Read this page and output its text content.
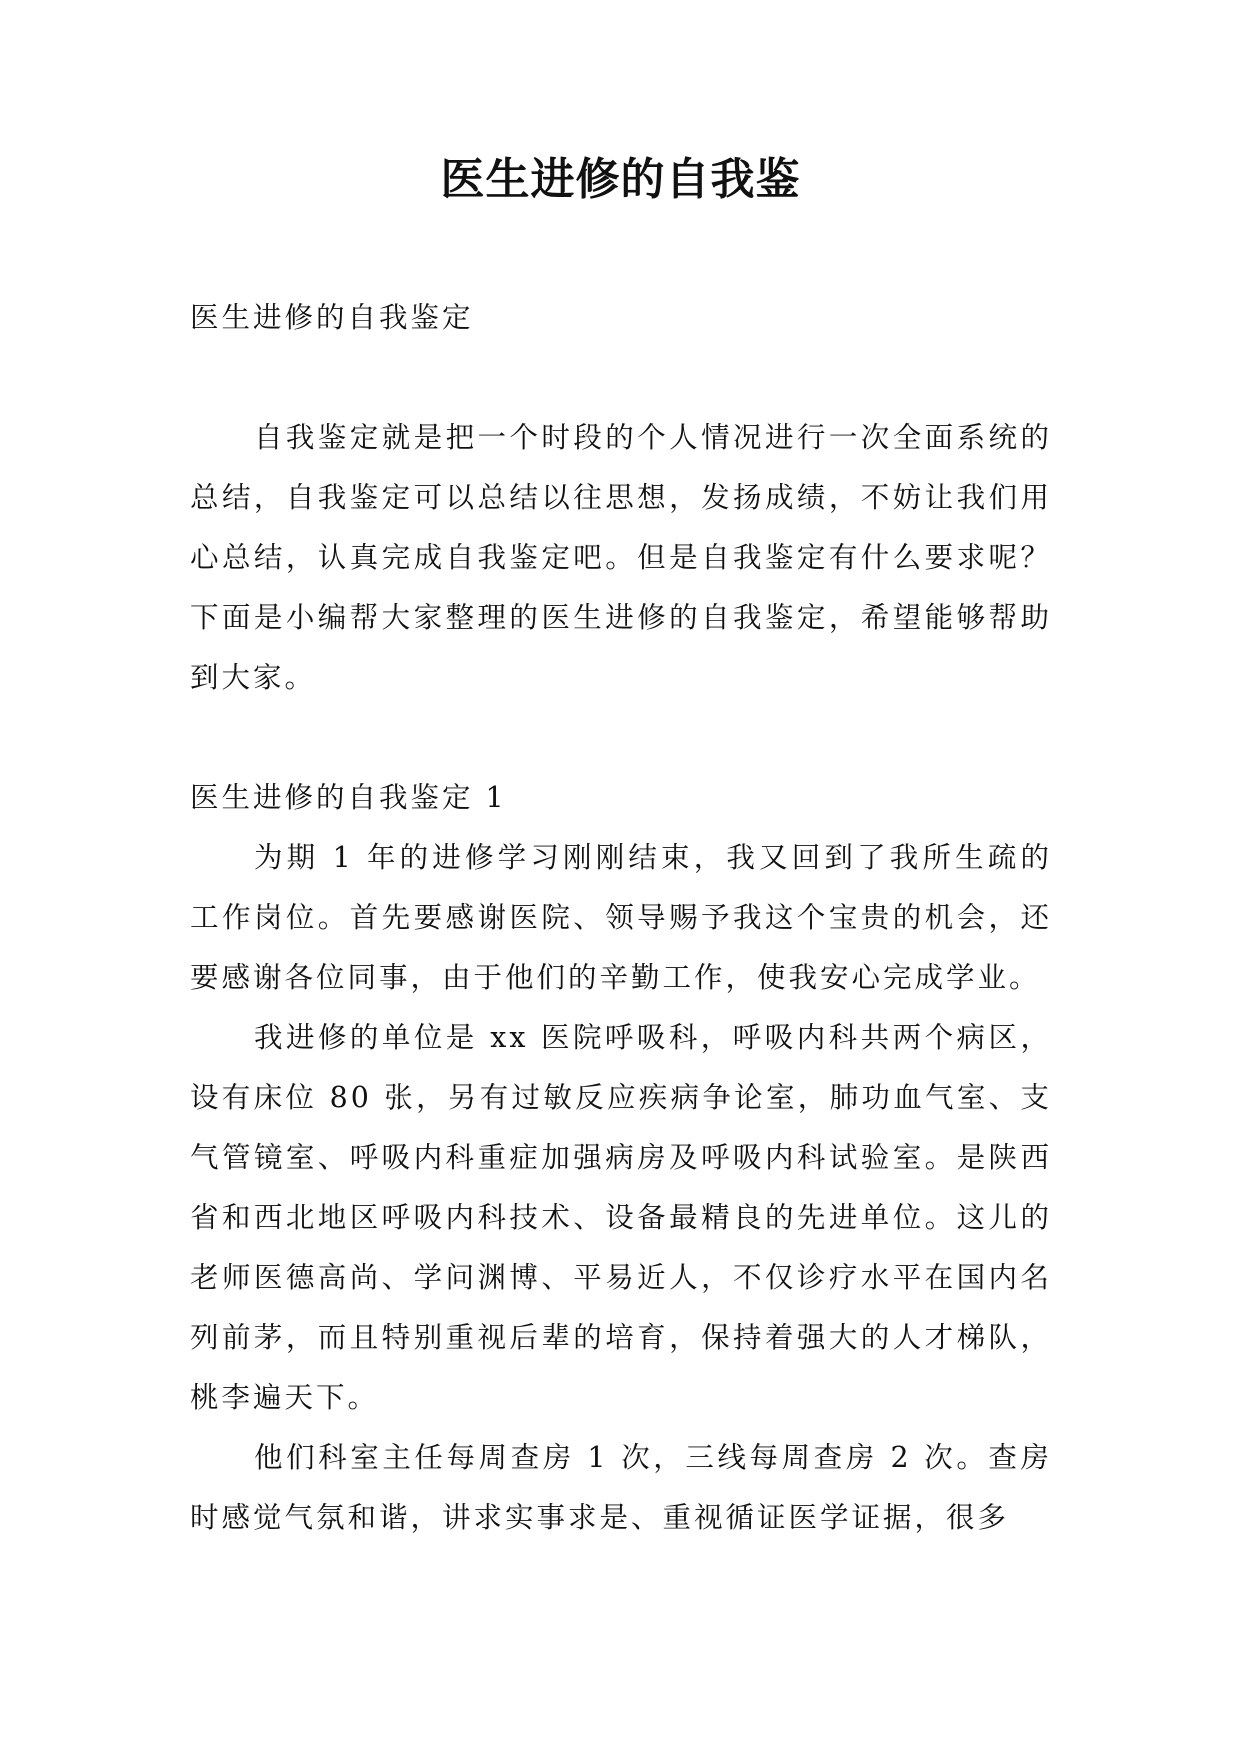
医生进修的自我鉴

医生进修的自我鉴定

自我鉴定就是把一个时段的个人情况进行一次全面系统的总结，自我鉴定可以总结以往思想，发扬成绩，不妨让我们用心总结，认真完成自我鉴定吧。但是自我鉴定有什么要求呢？下面是小编帮大家整理的医生进修的自我鉴定，希望能够帮助到大家。

医生进修的自我鉴定 1

为期 1 年的进修学习刚刚结束，我又回到了我所生疏的工作岗位。首先要感谢医院、领导赐予我这个宝贵的机会，还要感谢各位同事，由于他们的辛勤工作，使我安心完成学业。

我进修的单位是 xx 医院呼吸科，呼吸内科共两个病区，设有床位 80 张，另有过敏反应疾病争论室，肺功血气室、支气管镜室、呼吸内科重症加强病房及呼吸内科试验室。是陕西省和西北地区呼吸内科技术、设备最精良的先进单位。这儿的老师医德高尚、学问渊博、平易近人，不仅诊疗水平在国内名列前茅，而且特别重视后辈的培育，保持着强大的人才梯队，桃李遍天下。

他们科室主任每周查房 1 次，三线每周查房 2 次。查房时感觉气氛和谐，讲求实事求是、重视循证医学证据，很多
